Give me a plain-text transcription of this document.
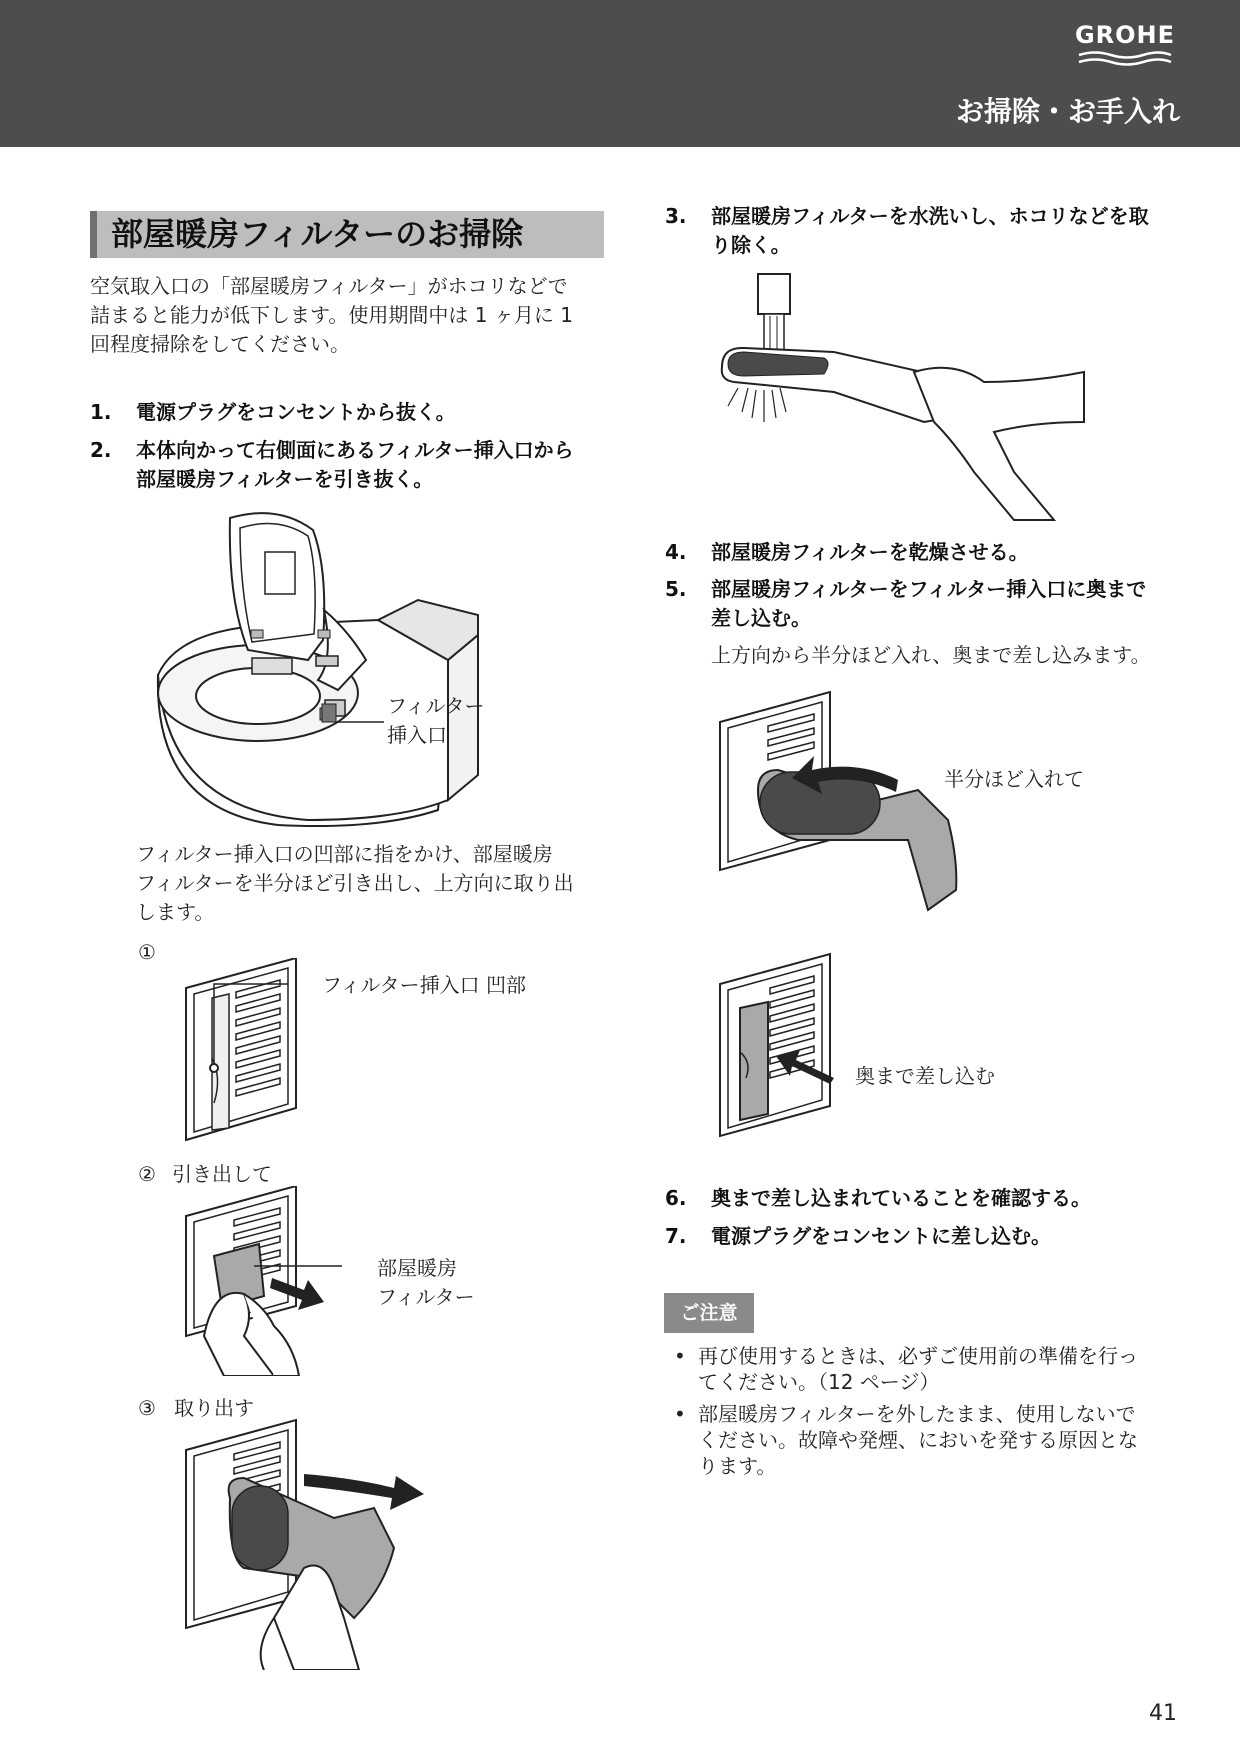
GROHE
お掃除・お手入れ
部屋暖房フィルターのお掃除
空気取入口の「部屋暖房フィルター」がホコリなどで
詰まると能力が低下します。使用期間中は 1 ヶ月に 1
回程度掃除をしてください。
1. 電源プラグをコンセントから抜く。
2. 本体向かって右側面にあるフィルター挿入口から
部屋暖房フィルターを引き抜く。
フィルター
挿入口
フィルター挿入口の凹部に指をかけ、部屋暖房
フィルターを半分ほど引き出し、上方向に取り出
します。
①
フィルター挿入口 凹部
② 引き出して
部屋暖房
フィルター
③ 取り出す
3. 部屋暖房フィルターを水洗いし、ホコリなどを取
り除く。
4. 部屋暖房フィルターを乾燥させる。
5. 部屋暖房フィルターをフィルター挿入口に奥まで
差し込む。
上方向から半分ほど入れ、奥まで差し込みます。
半分ほど入れて
奥まで差し込む
6. 奥まで差し込まれていることを確認する。
7. 電源プラグをコンセントに差し込む。
ご注意
• 再び使用するときは、必ずご使用前の準備を行っ
てください。（12 ページ）
• 部屋暖房フィルターを外したまま、使用しないで
ください。故障や発煙、においを発する原因とな
ります。
41
